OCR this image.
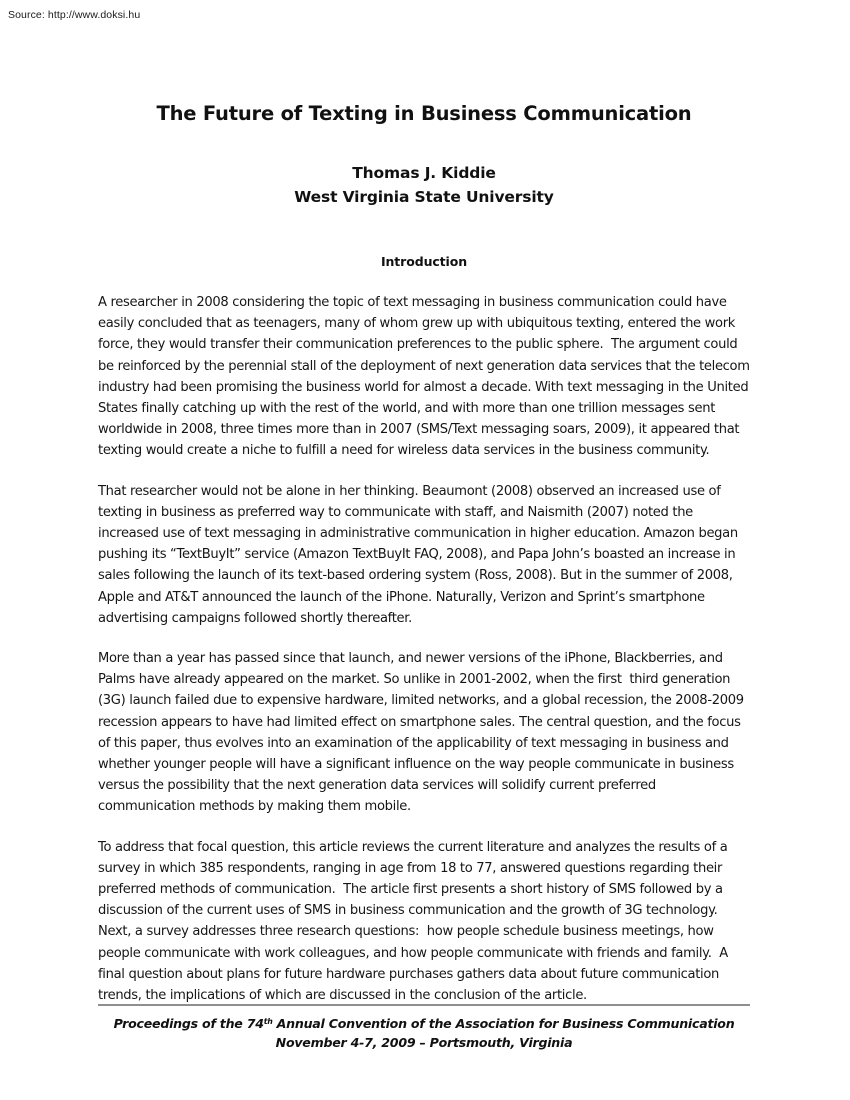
Source: http://www.doksi.hu
The Future of Texting in Business Communication
Thomas J. Kiddie
West Virginia State University
Introduction

A researcher in 2008 considering the topic of text messaging in business communication could have easily concluded that as teenagers, many of whom grew up with ubiquitous texting, entered the work force, they would transfer their communication preferences to the public sphere.  The argument could be reinforced by the perennial stall of the deployment of next generation data services that the telecom industry had been promising the business world for almost a decade. With text messaging in the United States finally catching up with the rest of the world, and with more than one trillion messages sent worldwide in 2008, three times more than in 2007 (SMS/Text messaging soars, 2009), it appeared that texting would create a niche to fulfill a need for wireless data services in the business community.

That researcher would not be alone in her thinking. Beaumont (2008) observed an increased use of texting in business as preferred way to communicate with staff, and Naismith (2007) noted the increased use of text messaging in administrative communication in higher education. Amazon began pushing its “TextBuyIt” service (Amazon TextBuyIt FAQ, 2008), and Papa John’s boasted an increase in sales following the launch of its text-based ordering system (Ross, 2008). But in the summer of 2008, Apple and AT&T announced the launch of the iPhone. Naturally, Verizon and Sprint’s smartphone advertising campaigns followed shortly thereafter.

More than a year has passed since that launch, and newer versions of the iPhone, Blackberries, and Palms have already appeared on the market. So unlike in 2001-2002, when the first  third generation (3G) launch failed due to expensive hardware, limited networks, and a global recession, the 2008-2009 recession appears to have had limited effect on smartphone sales. The central question, and the focus of this paper, thus evolves into an examination of the applicability of text messaging in business and whether younger people will have a significant influence on the way people communicate in business versus the possibility that the next generation data services will solidify current preferred communication methods by making them mobile.

To address that focal question, this article reviews the current literature and analyzes the results of a survey in which 385 respondents, ranging in age from 18 to 77, answered questions regarding their preferred methods of communication.  The article first presents a short history of SMS followed by a discussion of the current uses of SMS in business communication and the growth of 3G technology. Next, a survey addresses three research questions:  how people schedule business meetings, how people communicate with work colleagues, and how people communicate with friends and family.  A final question about plans for future hardware purchases gathers data about future communication trends, the implications of which are discussed in the conclusion of the article.

Proceedings of the 74th Annual Convention of the Association for Business Communication
November 4-7, 2009 – Portsmouth, Virginia
